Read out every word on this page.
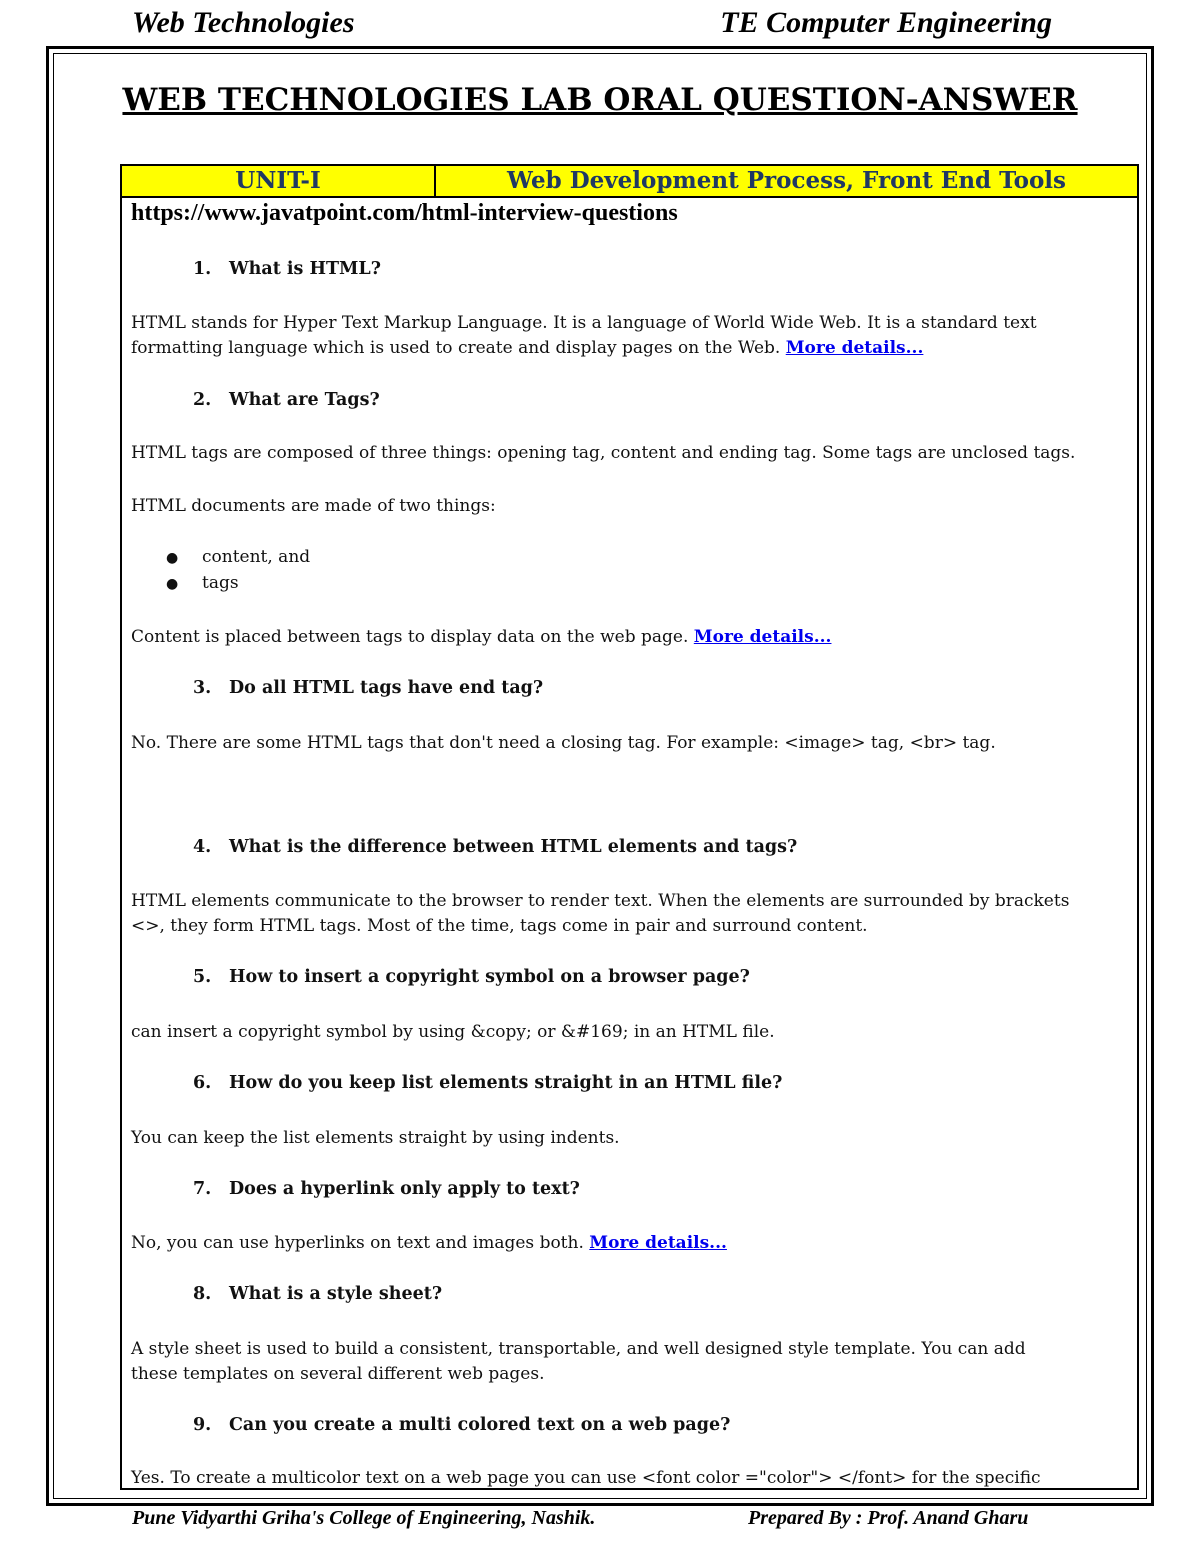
Web Technologies	TE Computer Engineering
WEB TECHNOLOGIES LAB ORAL QUESTION-ANSWER
UNIT-I	Web Development Process, Front End Tools
https://www.javatpoint.com/html-interview-questions
1. What is HTML?
HTML stands for Hyper Text Markup Language. It is a language of World Wide Web. It is a standard text
formatting language which is used to create and display pages on the Web. More details...
2. What are Tags?
HTML tags are composed of three things: opening tag, content and ending tag. Some tags are unclosed tags.
HTML documents are made of two things:
● content, and
● tags
Content is placed between tags to display data on the web page. More details...
3. Do all HTML tags have end tag?
No. There are some HTML tags that don't need a closing tag. For example: <image> tag, <br> tag.
4. What is the difference between HTML elements and tags?
HTML elements communicate to the browser to render text. When the elements are surrounded by brackets
<>, they form HTML tags. Most of the time, tags come in pair and surround content.
5. How to insert a copyright symbol on a browser page?
can insert a copyright symbol by using &copy; or &#169; in an HTML file.
6. How do you keep list elements straight in an HTML file?
You can keep the list elements straight by using indents.
7. Does a hyperlink only apply to text?
No, you can use hyperlinks on text and images both. More details...
8. What is a style sheet?
A style sheet is used to build a consistent, transportable, and well designed style template. You can add
these templates on several different web pages.
9. Can you create a multi colored text on a web page?
Yes. To create a multicolor text on a web page you can use <font color ="color"> </font> for the specific
Pune Vidyarthi Griha's College of Engineering, Nashik.	Prepared By : Prof. Anand Gharu
